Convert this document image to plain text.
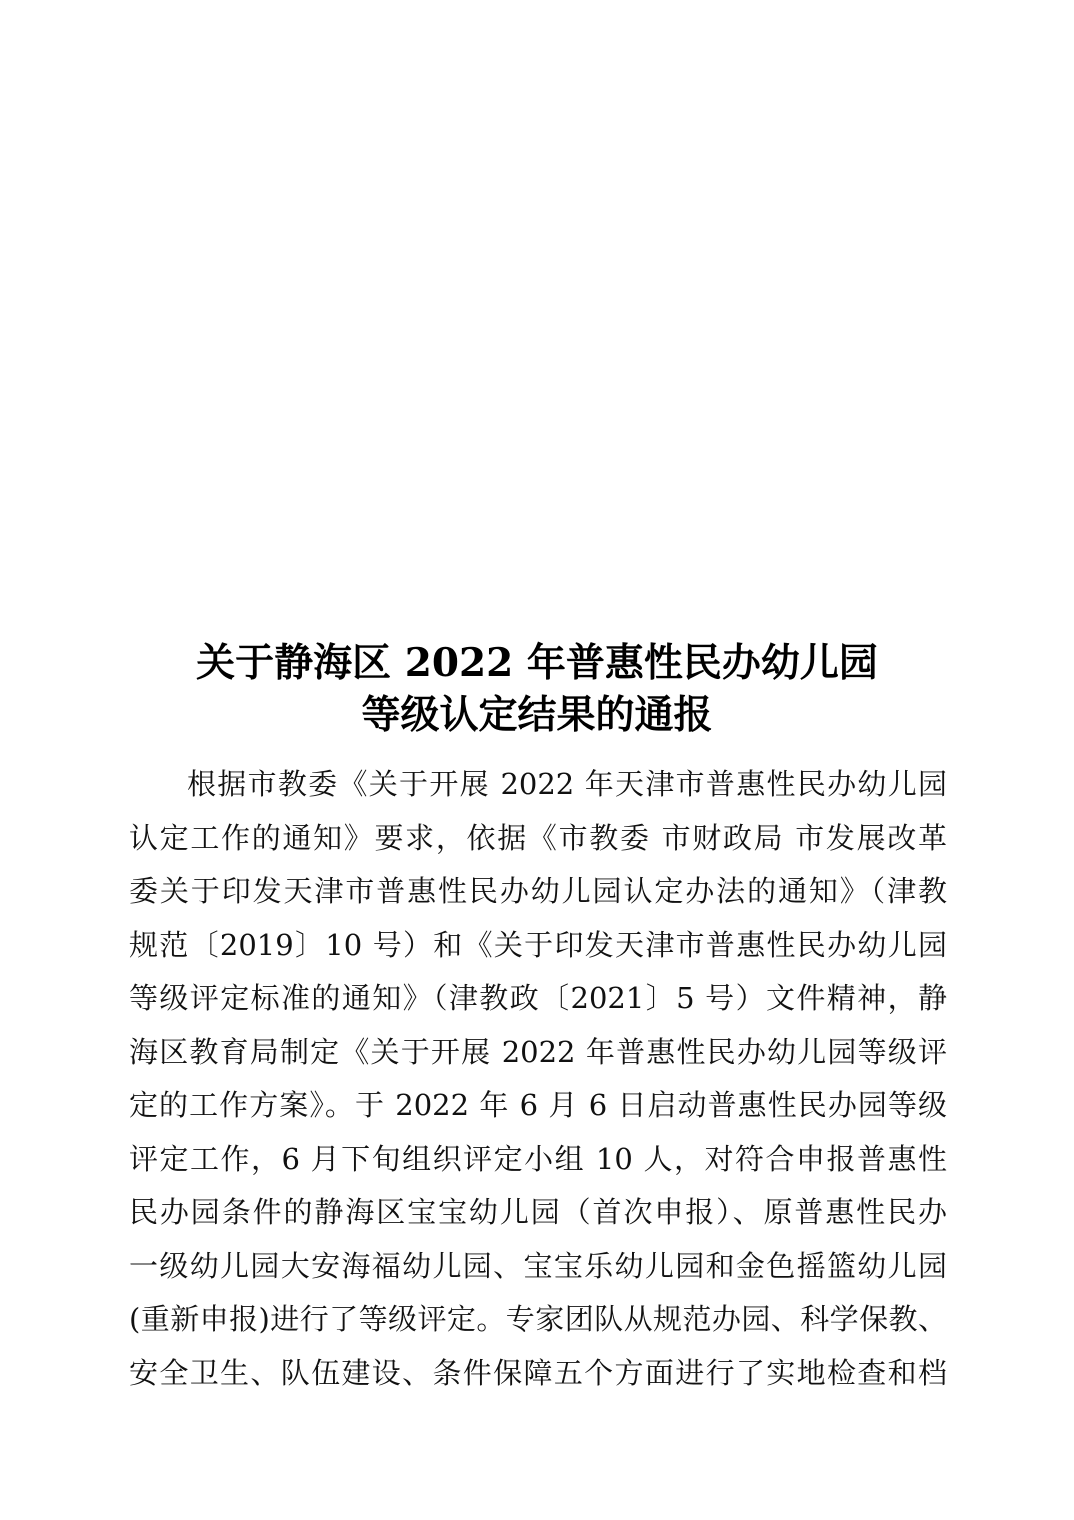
关于静海区 2022 年普惠性民办幼儿园
等级认定结果的通报
根据市教委《关于开展 2022 年天津市普惠性民办幼儿园
认定工作的通知》要求，依据《市教委 市财政局 市发展改革
委关于印发天津市普惠性民办幼儿园认定办法的通知》（津教
规范〔2019〕10 号）和《关于印发天津市普惠性民办幼儿园
等级评定标准的通知》（津教政〔2021〕5 号）文件精神，静
海区教育局制定《关于开展 2022 年普惠性民办幼儿园等级评
定的工作方案》。于 2022 年 6 月 6 日启动普惠性民办园等级
评定工作，6 月下旬组织评定小组 10 人，对符合申报普惠性
民办园条件的静海区宝宝幼儿园（首次申报）、原普惠性民办
一级幼儿园大安海福幼儿园、宝宝乐幼儿园和金色摇篮幼儿园
(重新申报)进行了等级评定。专家团队从规范办园、科学保教、
安全卫生、队伍建设、条件保障五个方面进行了实地检查和档
